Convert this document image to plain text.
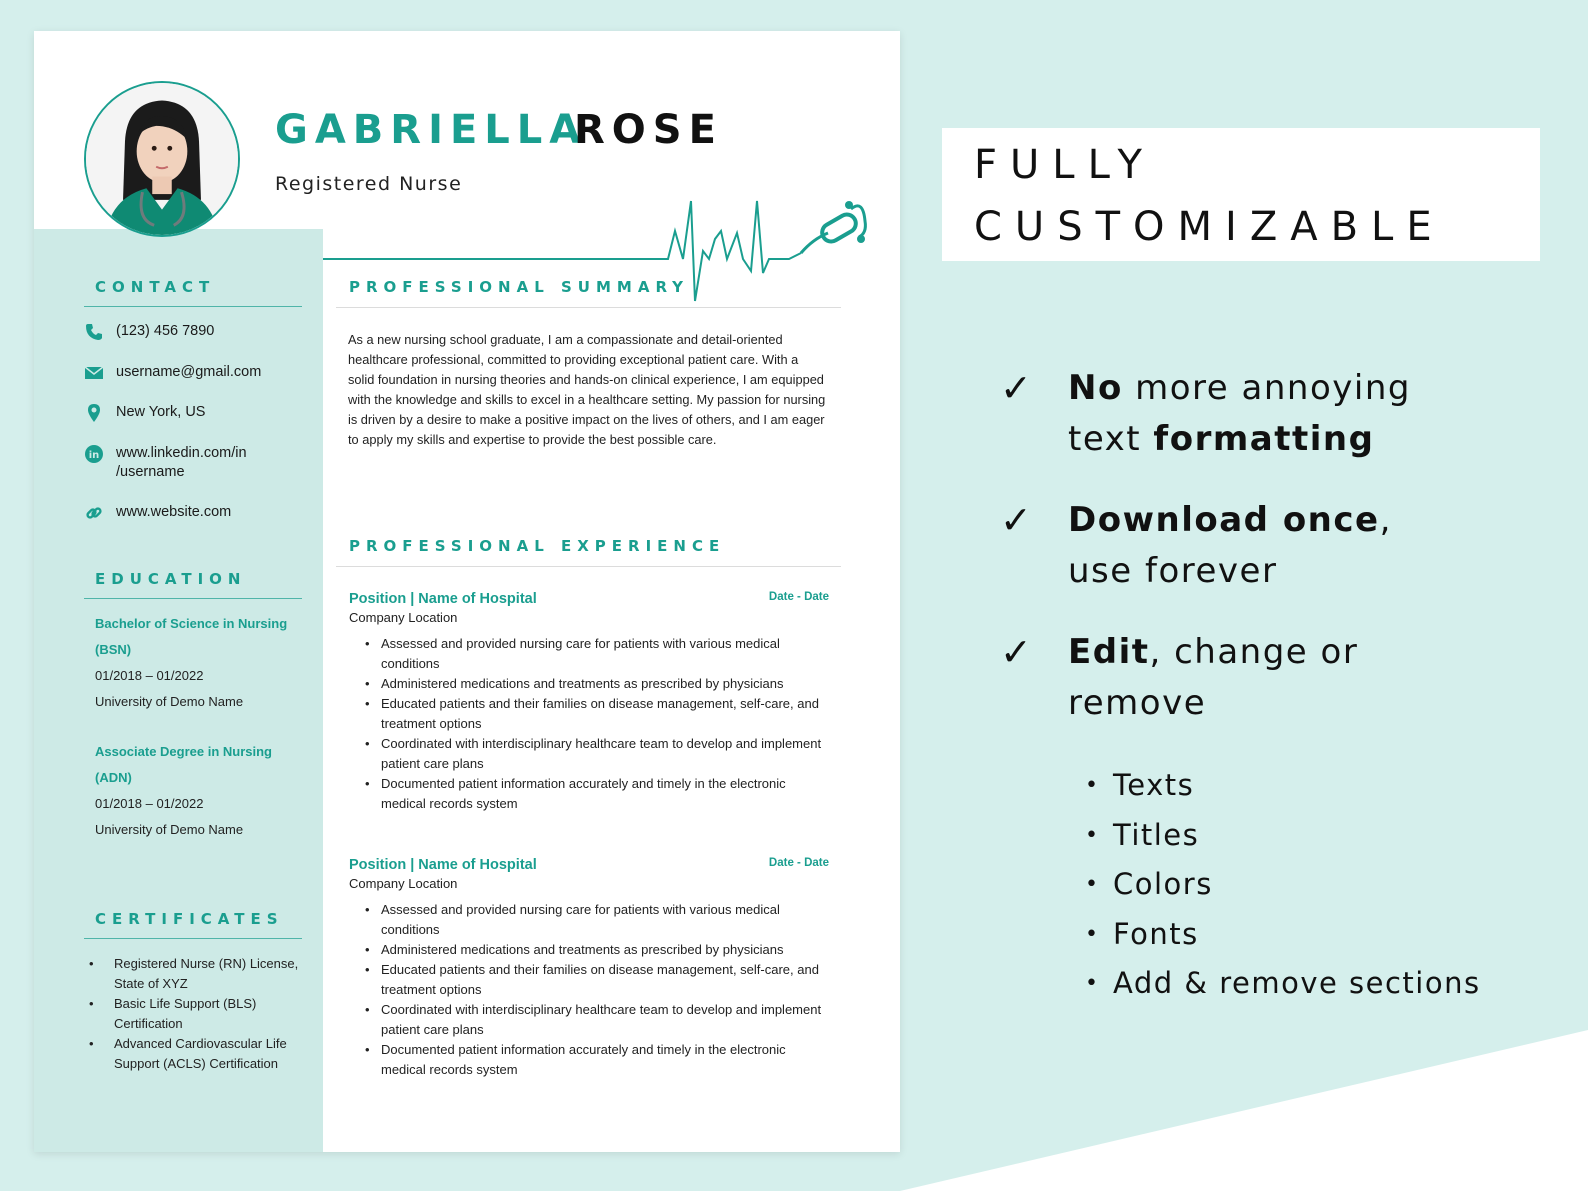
GABRIELLA
ROSE
Registered Nurse
CONTACT
(123) 456 7890
username@gmail.com
New York, US
in www.linkedin.com/in
/username
www.website.com
EDUCATION
Bachelor of Science in Nursing
(BSN)
01/2018 – 01/2022
University of Demo Name
Associate Degree in Nursing
(ADN)
01/2018 – 01/2022
University of Demo Name
CERTIFICATES
• Registered Nurse (RN) License, State of XYZ
• Basic Life Support (BLS) Certification
• Advanced Cardiovascular Life Support (ACLS) Certification
PROFESSIONAL SUMMARY

As a new nursing school graduate, I am a compassionate and detail-oriented healthcare professional, committed to providing exceptional patient care. With a solid foundation in nursing theories and hands-on clinical experience, I am equipped with the knowledge and skills to excel in a healthcare setting. My passion for nursing is driven by a desire to make a positive impact on the lives of others, and I am eager to apply my skills and expertise to provide the best possible care.

PROFESSIONAL EXPERIENCE
Position | Name of Hospital	Date - Date
Company Location
• Assessed and provided nursing care for patients with various medical conditions
• Administered medications and treatments as prescribed by physicians
• Educated patients and their families on disease management, self-care, and treatment options
• Coordinated with interdisciplinary healthcare team to develop and implement patient care plans
• Documented patient information accurately and timely in the electronic medical records system
Position | Name of Hospital	Date - Date
Company Location
• Assessed and provided nursing care for patients with various medical conditions
• Administered medications and treatments as prescribed by physicians
• Educated patients and their families on disease management, self-care, and treatment options
• Coordinated with interdisciplinary healthcare team to develop and implement patient care plans
• Documented patient information accurately and timely in the electronic medical records system
FULLY
CUSTOMIZABLE
✓ No more annoying
text formatting
✓ Download once,
use forever
✓ Edit, change or
remove
• Texts
• Titles
• Colors
• Fonts
• Add & remove sections
